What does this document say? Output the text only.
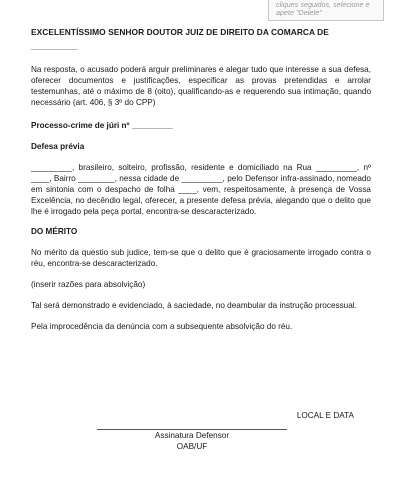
cliques seguidos, selecione e
apete "Delete"
EXCELENTÍSSIMO SENHOR DOUTOR JUIZ DE DIREITO DA COMARCA DE
__________

Na resposta, o acusado poderá arguir preliminares e alegar tudo que interesse a sua defesa, oferecer documentos e justificações, especificar as provas pretendidas e arrolar testemunhas, até o máximo de 8 (oito), qualificando-as e requerendo sua intimação, quando necessário (art. 406, § 3º do CPP)

Processo-crime de júri nº _________

Defesa prévia

_________, brasileiro, solteiro, profissão, residente e domiciliado na Rua _________, nº ____, Bairro ________, nessa cidade de _________, pelo Defensor infra-assinado, nomeado em sintonia com o despacho de folha ____, vem, respeitosamente, à presença de Vossa Excelência, no decêndio legal, oferecer, a presente defesa prévia, alegando que o delito que lhe é irrogado pela peça portal, encontra-se descaracterizado.

DO MÉRITO

No mérito da questio sub judice, tem-se que o delito que é graciosamente irrogado contra o réu, encontra-se descaracterizado.

(inserir razões para absolvição)

Tal será demonstrado e evidenciado, à saciedade, no deambular da instrução processual.

Pela improcedência da denúncia com a subsequente absolvição do réu.

LOCAL E DATA
Assinatura Defensor
OAB/UF
